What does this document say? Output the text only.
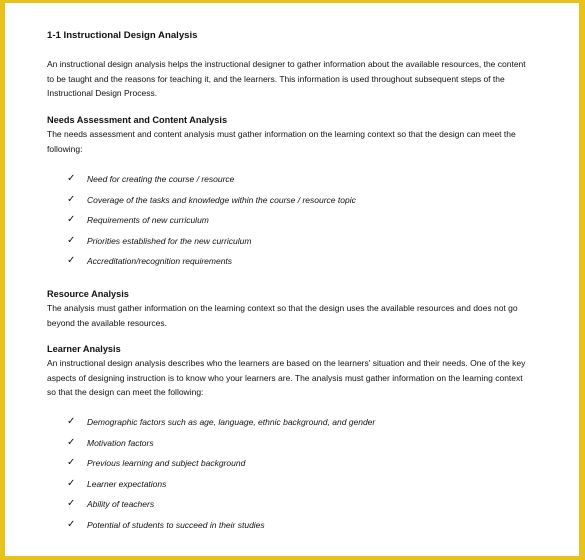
1-1 Instructional Design Analysis

An instructional design analysis helps the instructional designer to gather information about the available resources, the content

to be taught and the reasons for teaching it, and the learners. This information is used throughout subsequent steps of the

Instructional Design Process.

Needs Assessment and Content Analysis

The needs assessment and content analysis must gather information on the learning context so that the design can meet the

following:

✓ Need for creating the course / resource
✓ Coverage of the tasks and knowledge within the course / resource topic
✓ Requirements of new curriculum
✓ Priorities established for the new curriculum
✓ Accreditation/recognition requirements

Resource Analysis

The analysis must gather information on the learning context so that the design uses the available resources and does not go

beyond the available resources.

Learner Analysis

An instructional design analysis describes who the learners are based on the learners' situation and their needs. One of the key

aspects of designing instruction is to know who your learners are. The analysis must gather information on the learning context

so that the design can meet the following:

✓ Demographic factors such as age, language, ethnic background, and gender
✓ Motivation factors
✓ Previous learning and subject background
✓ Learner expectations
✓ Ability of teachers
✓ Potential of students to succeed in their studies
